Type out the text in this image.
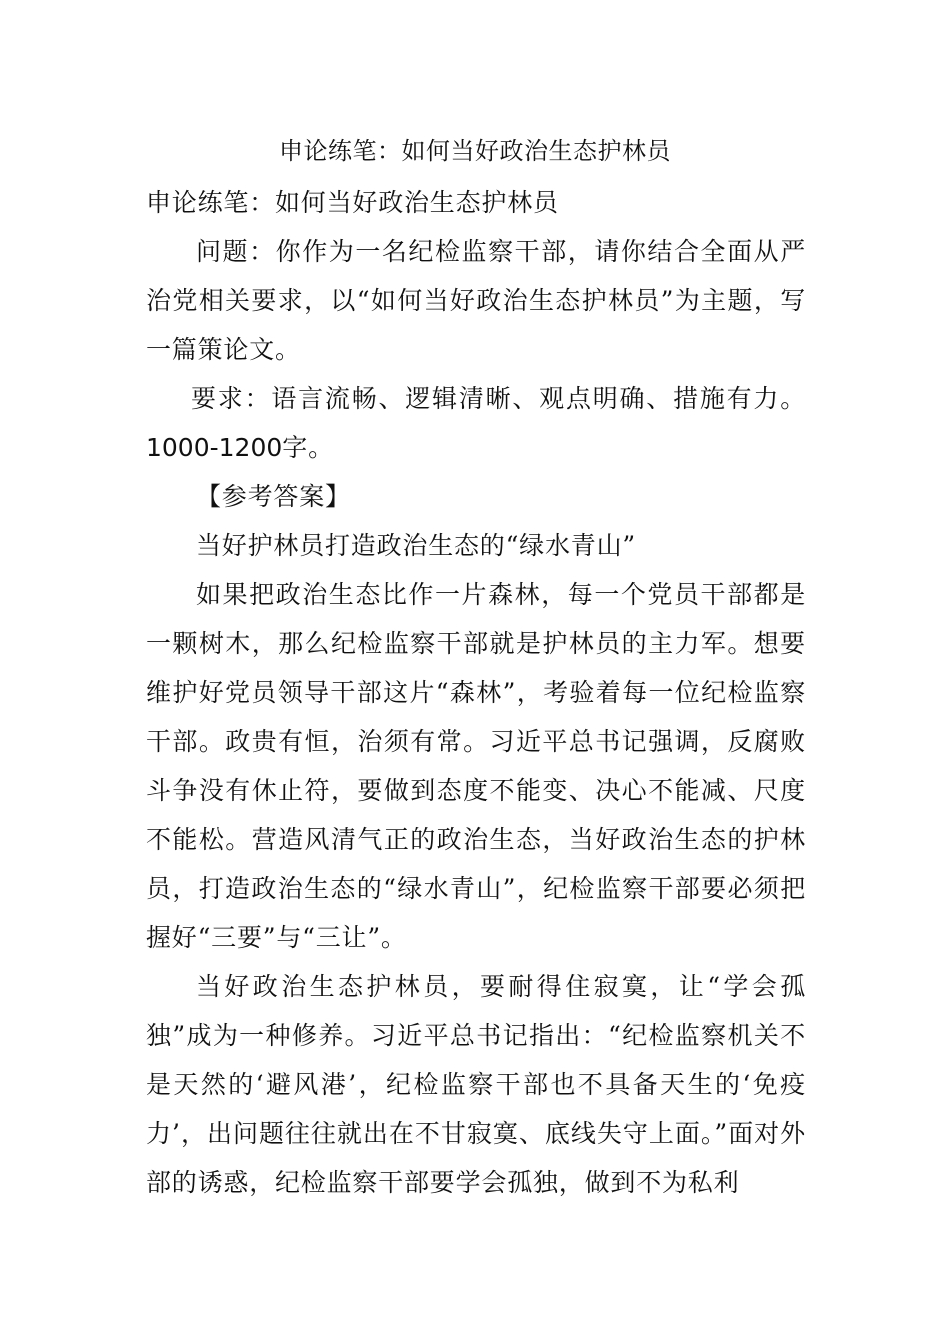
申论练笔：如何当好政治生态护林员

申论练笔：如何当好政治生态护林员

问题：你作为一名纪检监察干部，请你结合全面从严治党相关要求，以“如何当好政治生态护林员”为主题，写一篇策论文。

要求：语言流畅、逻辑清晰、观点明确、措施有力。1000-1200字。

【参考答案】

当好护林员打造政治生态的“绿水青山”

如果把政治生态比作一片森林，每一个党员干部都是一颗树木，那么纪检监察干部就是护林员的主力军。想要维护好党员领导干部这片“森林”，考验着每一位纪检监察干部。政贵有恒，治须有常。习近平总书记强调，反腐败斗争没有休止符，要做到态度不能变、决心不能减、尺度不能松。营造风清气正的政治生态，当好政治生态的护林员，打造政治生态的“绿水青山”，纪检监察干部要必须把握好“三要”与“三让”。

当好政治生态护林员，要耐得住寂寞，让“学会孤独”成为一种修养。习近平总书记指出：“纪检监察机关不是天然的‘避风港’，纪检监察干部也不具备天生的‘免疫力’，出问题往往就出在不甘寂寞、底线失守上面。”面对外部的诱惑，纪检监察干部要学会孤独，做到不为私利
